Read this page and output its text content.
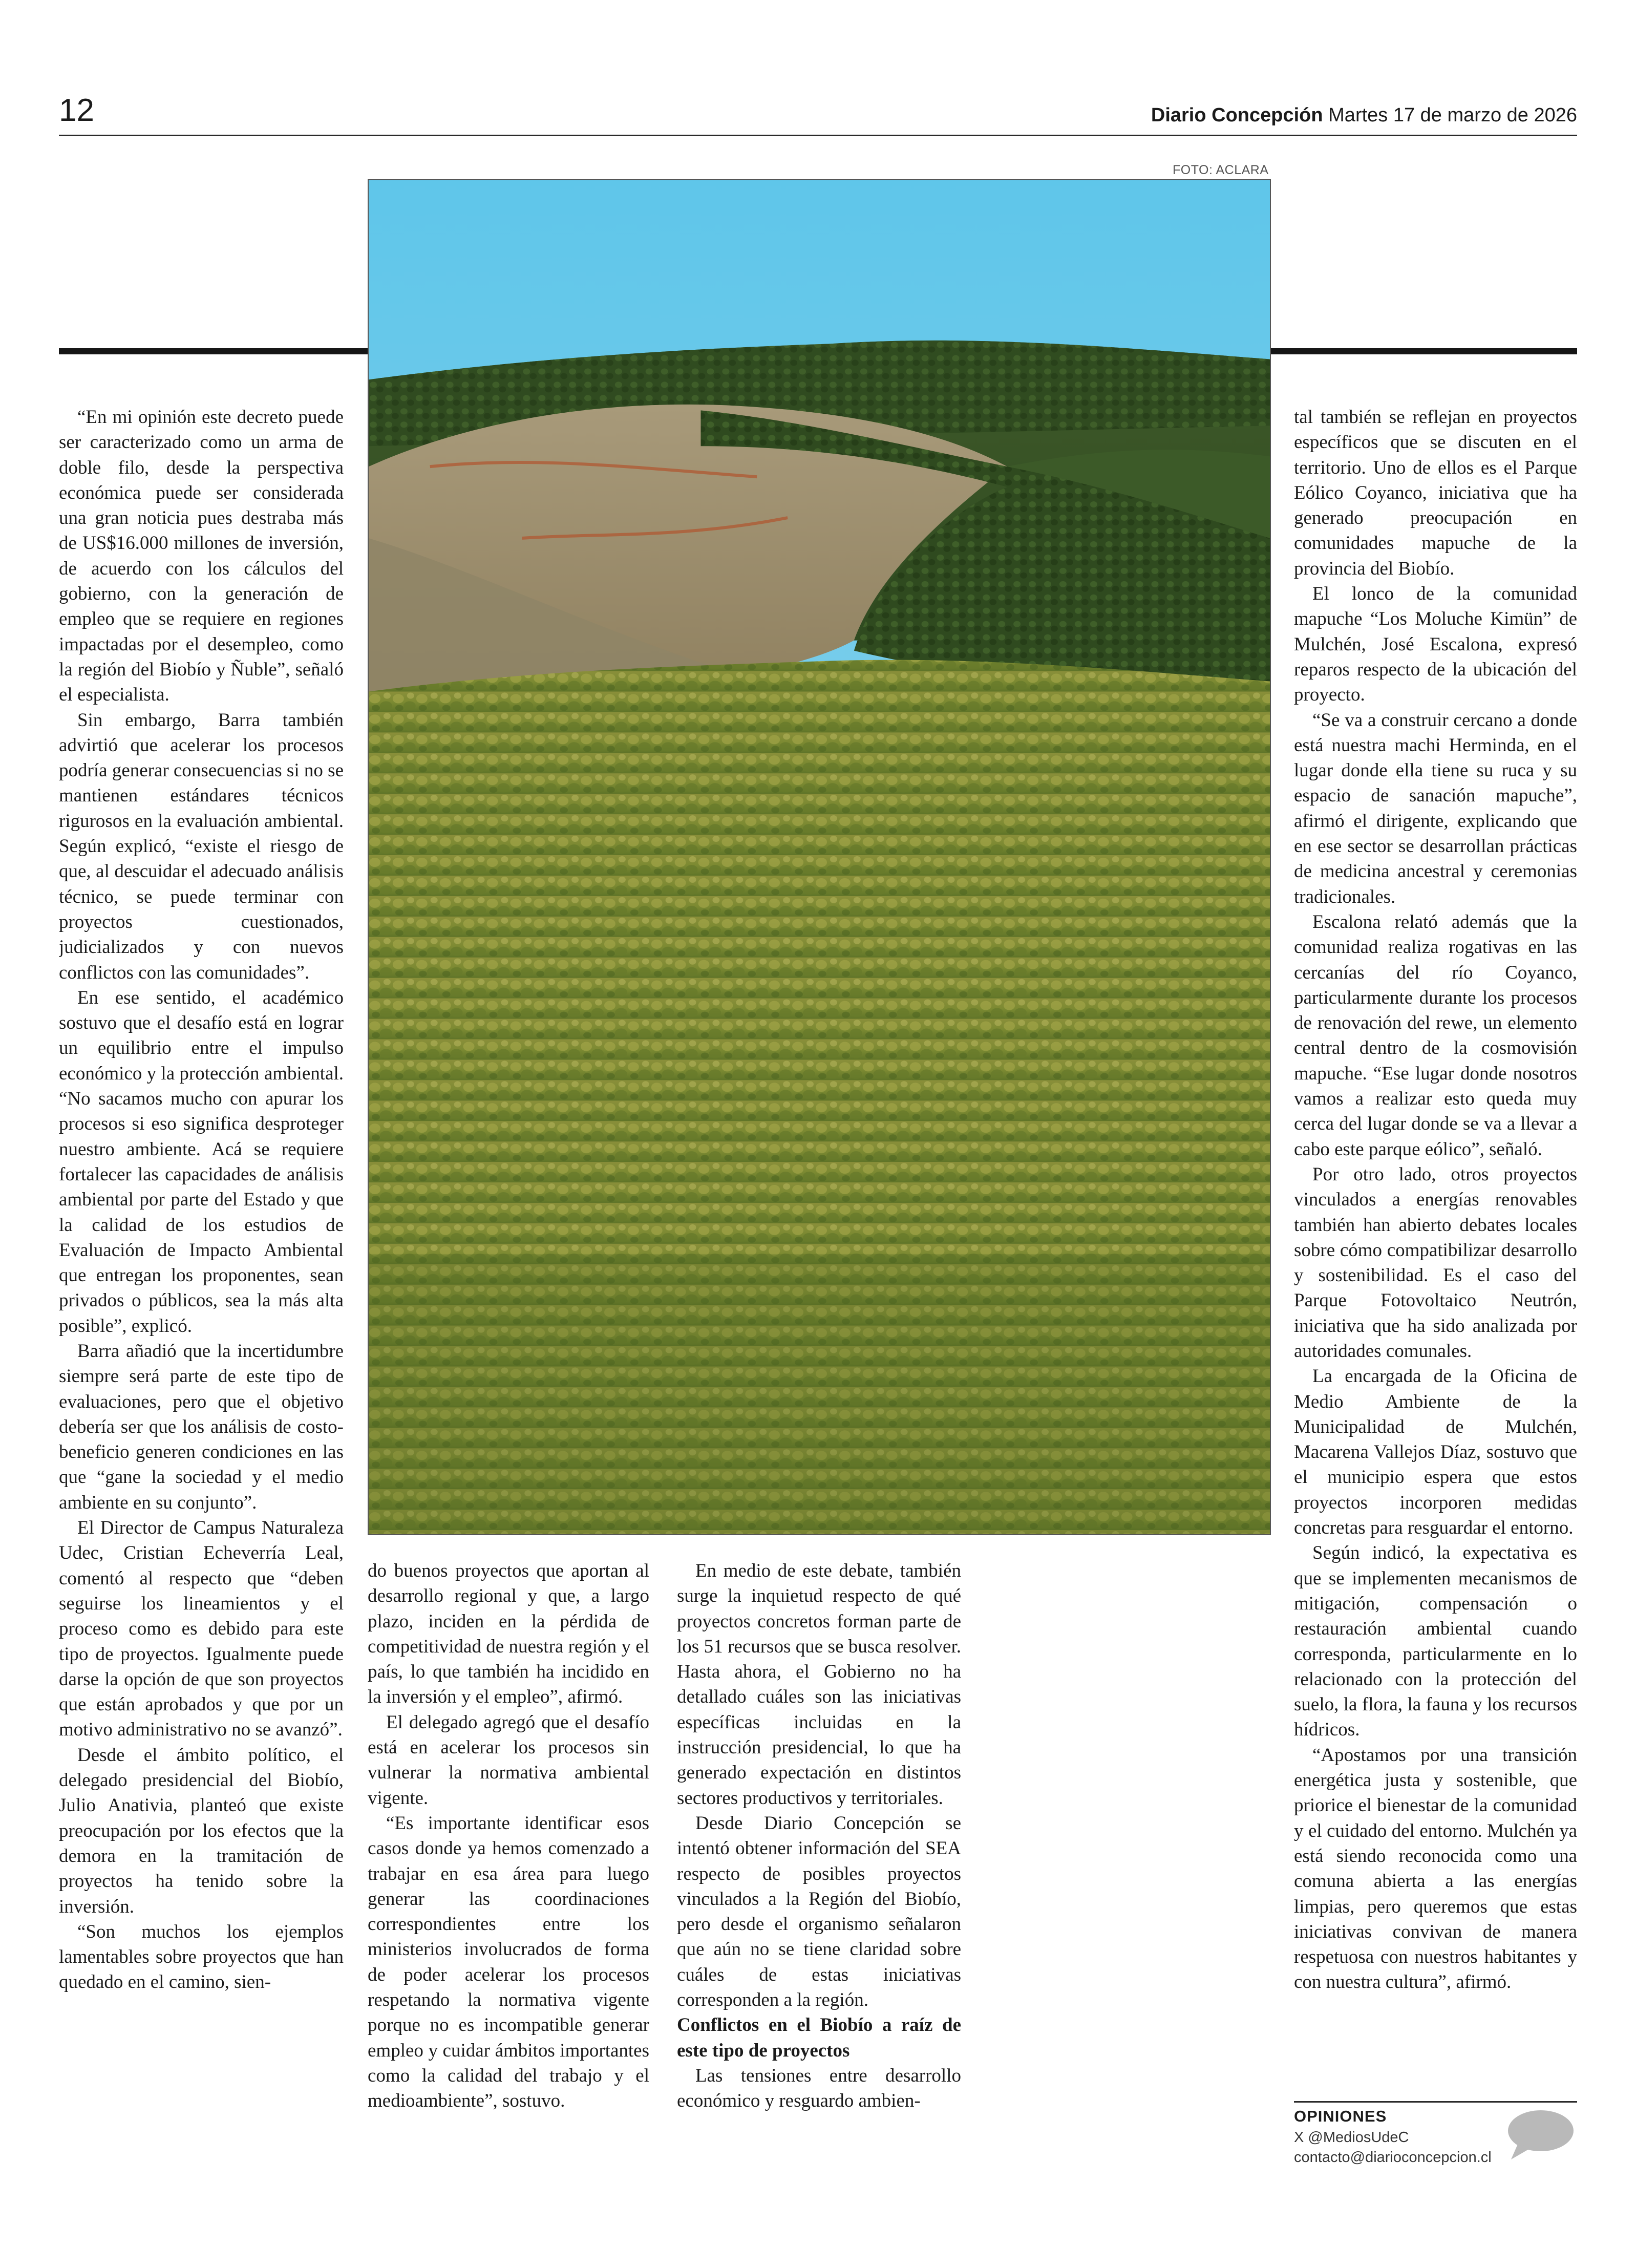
12	Diario Concepción Martes 17 de marzo de 2026
FOTO: ACLARA

“En mi opinión este decreto puede ser caracterizado como un arma de doble filo, desde la perspectiva económica puede ser considerada una gran noticia pues destraba más de US$16.000 millones de inversión, de acuerdo con los cálculos del gobierno, con la generación de empleo que se requiere en regiones impactadas por el desempleo, como la región del Biobío y Ñuble”, señaló el especialista.

Sin embargo, Barra también advirtió que acelerar los procesos podría generar consecuencias si no se mantienen estándares técnicos rigurosos en la evaluación ambiental. Según explicó, “existe el riesgo de que, al descuidar el adecuado análisis técnico, se puede terminar con proyectos cuestionados, judicializados y con nuevos conflictos con las comunidades”.

En ese sentido, el académico sostuvo que el desafío está en lograr un equilibrio entre el impulso económico y la protección ambiental. “No sacamos mucho con apurar los procesos si eso significa desproteger nuestro ambiente. Acá se requiere fortalecer las capacidades de análisis ambiental por parte del Estado y que la calidad de los estudios de Evaluación de Impacto Ambiental que entregan los proponentes, sean privados o públicos, sea la más alta posible”, explicó.

Barra añadió que la incertidumbre siempre será parte de este tipo de evaluaciones, pero que el objetivo debería ser que los análisis de costo-beneficio generen condiciones en las que “gane la sociedad y el medio ambiente en su conjunto”.

El Director de Campus Naturaleza Udec, Cristian Echeverría Leal, comentó al respecto que “deben seguirse los lineamientos y el proceso como es debido para este tipo de proyectos. Igualmente puede darse la opción de que son proyectos que están aprobados y que por un motivo administrativo no se avanzó”.

Desde el ámbito político, el delegado presidencial del Biobío, Julio Anativia, planteó que existe preocupación por los efectos que la demora en la tramitación de proyectos ha tenido sobre la inversión.

“Son muchos los ejemplos lamentables sobre proyectos que han quedado en el camino, sien-

do buenos proyectos que aportan al desarrollo regional y que, a largo plazo, inciden en la pérdida de competitividad de nuestra región y el país, lo que también ha incidido en la inversión y el empleo”, afirmó.

El delegado agregó que el desafío está en acelerar los procesos sin vulnerar la normativa ambiental vigente.

“Es importante identificar esos casos donde ya hemos comenzado a trabajar en esa área para luego generar las coordinaciones correspondientes entre los ministerios involucrados de forma de poder acelerar los procesos respetando la normativa vigente porque no es incompatible generar empleo y cuidar ámbitos importantes como la calidad del trabajo y el medioambiente”, sostuvo.

En medio de este debate, también surge la inquietud respecto de qué proyectos concretos forman parte de los 51 recursos que se busca resolver. Hasta ahora, el Gobierno no ha detallado cuáles son las iniciativas específicas incluidas en la instrucción presidencial, lo que ha generado expectación en distintos sectores productivos y territoriales.

Desde Diario Concepción se intentó obtener información del SEA respecto de posibles proyectos vinculados a la Región del Biobío, pero desde el organismo señalaron que aún no se tiene claridad sobre cuáles de estas iniciativas corresponden a la región.

Conflictos en el Biobío a raíz de este tipo de proyectos

Las tensiones entre desarrollo económico y resguardo ambien-

tal también se reflejan en proyectos específicos que se discuten en el territorio. Uno de ellos es el Parque Eólico Coyanco, iniciativa que ha generado preocupación en comunidades mapuche de la provincia del Biobío.

El lonco de la comunidad mapuche “Los Moluche Kimün” de Mulchén, José Escalona, expresó reparos respecto de la ubicación del proyecto.

“Se va a construir cercano a donde está nuestra machi Herminda, en el lugar donde ella tiene su ruca y su espacio de sanación mapuche”, afirmó el dirigente, explicando que en ese sector se desarrollan prácticas de medicina ancestral y ceremonias tradicionales.

Escalona relató además que la comunidad realiza rogativas en las cercanías del río Coyanco, particularmente durante los procesos de renovación del rewe, un elemento central dentro de la cosmovisión mapuche. “Ese lugar donde nosotros vamos a realizar esto queda muy cerca del lugar donde se va a llevar a cabo este parque eólico”, señaló.

Por otro lado, otros proyectos vinculados a energías renovables también han abierto debates locales sobre cómo compatibilizar desarrollo y sostenibilidad. Es el caso del Parque Fotovoltaico Neutrón, iniciativa que ha sido analizada por autoridades comunales.

La encargada de la Oficina de Medio Ambiente de la Municipalidad de Mulchén, Macarena Vallejos Díaz, sostuvo que el municipio espera que estos proyectos incorporen medidas concretas para resguardar el entorno.

Según indicó, la expectativa es que se implementen mecanismos de mitigación, compensación o restauración ambiental cuando corresponda, particularmente en lo relacionado con la protección del suelo, la flora, la fauna y los recursos hídricos.

“Apostamos por una transición energética justa y sostenible, que priorice el bienestar de la comunidad y el cuidado del entorno. Mulchén ya está siendo reconocida como una comuna abierta a las energías limpias, pero queremos que estas iniciativas convivan de manera respetuosa con nuestros habitantes y con nuestra cultura”, afirmó.

OPINIONES
X @MediosUdeC
contacto@diarioconcepcion.cl
